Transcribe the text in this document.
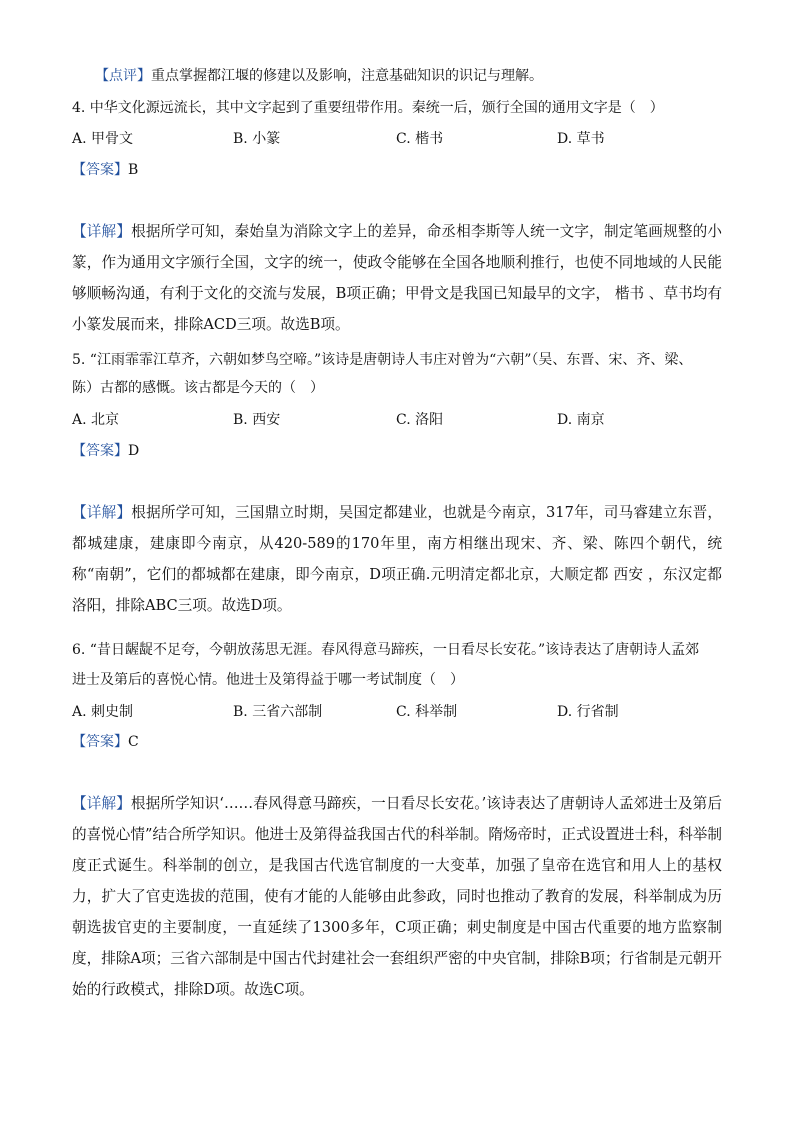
【点评】重点掌握都江堰的修建以及影响，注意基础知识的识记与理解。
4. 中华文化源远流长，其中文字起到了重要纽带作用。秦统一后，颁行全国的通用文字是（　）
A. 甲骨文	B. 小篆	C. 楷书	D. 草书
【答案】B
【详解】根据所学可知，秦始皇为消除文字上的差异，命丞相李斯等人统一文字，制定笔画规整的小篆，作为通用文字颁行全国，文字的统一，使政令能够在全国各地顺利推行，也使不同地域的人民能够顺畅沟通，有利于文化的交流与发展，B项正确；甲骨文是我国已知最早的文字， 楷书 、草书均有小篆发展而来，排除ACD三项。故选B项。
5. “江雨霏霏江草齐，六朝如梦鸟空啼。”该诗是唐朝诗人韦庄对曾为“六朝”（吴、东晋、宋、齐、梁、
陈）古都的感慨。该古都是今天的（　）
A. 北京	B. 西安	C. 洛阳	D. 南京
【答案】D
【详解】根据所学可知，三国鼎立时期，吴国定都建业，也就是今南京，317年，司马睿建立东晋，都城建康，建康即今南京，从420-589的170年里，南方相继出现宋、齐、梁、陈四个朝代，统称“南朝”，它们的都城都在建康，即今南京，D项正确.元明清定都北京，大顺定都 西安 ，东汉定都洛阳，排除ABC三项。故选D项。
6. “昔日龌龊不足夸，今朝放荡思无涯。春风得意马蹄疾，一日看尽长安花。”该诗表达了唐朝诗人孟郊
进士及第后的喜悦心情。他进士及第得益于哪一考试制度（　）
A. 刺史制	B. 三省六部制	C. 科举制	D. 行省制
【答案】C
【详解】根据所学知识‘……春风得意马蹄疾，一日看尽长安花。’该诗表达了唐朝诗人孟郊进士及第后的喜悦心情”结合所学知识。他进士及第得益我国古代的科举制。隋炀帝时，正式设置进士科，科举制度正式诞生。科举制的创立，是我国古代选官制度的一大变革，加强了皇帝在选官和用人上的基权力，扩大了官吏选拔的范围，使有才能的人能够由此参政，同时也推动了教育的发展，科举制成为历朝选拔官吏的主要制度，一直延续了1300多年，C项正确；刺史制度是中国古代重要的地方监察制度，排除A项；三省六部制是中国古代封建社会一套组织严密的中央官制，排除B项；行省制是元朝开始的行政模式，排除D项。故选C项。
